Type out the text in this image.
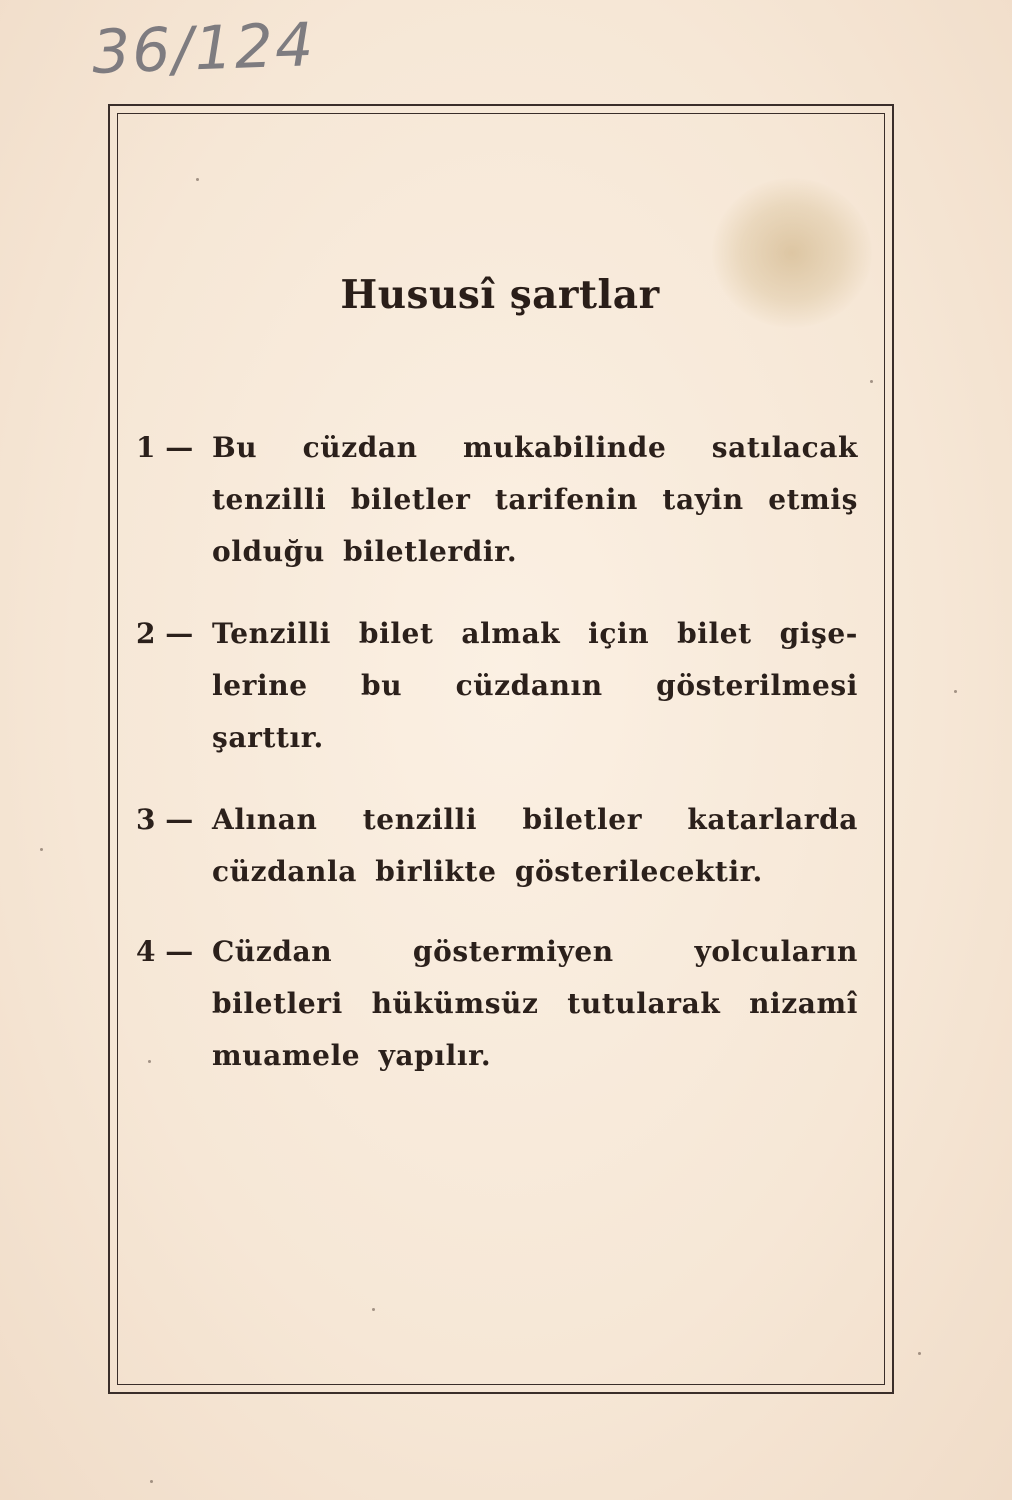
36/124
Hususî şartlar
1 — Bu cüzdan mukabilinde satılacak tenzilli biletler tarifenin tayin etmiş olduğu biletlerdir.
2 — Tenzilli bilet almak için bilet gişe-lerine bu cüzdanın gösterilmesi şarttır.
3 — Alınan tenzilli biletler katarlarda cüzdanla birlikte gösterilecektir.
4 — Cüzdan göstermiyen yolcuların biletleri hükümsüz tutularak nizamî muamele yapılır.
